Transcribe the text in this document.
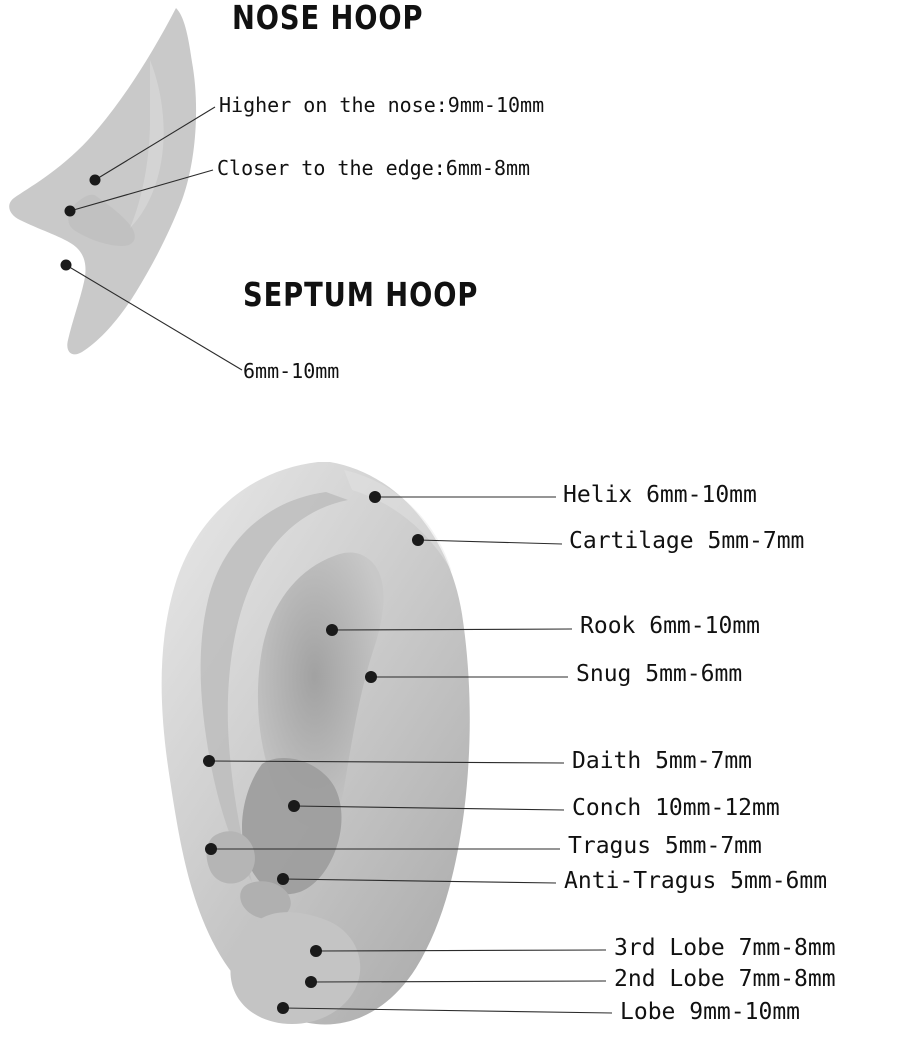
NOSE HOOP
SEPTUM HOOP
Higher on the nose:9mm-10mm
Closer to the edge:6mm-8mm
6mm-10mm
Helix 6mm-10mm
Cartilage 5mm-7mm
Rook 6mm-10mm
Snug 5mm-6mm
Daith 5mm-7mm
Conch 10mm-12mm
Tragus 5mm-7mm
Anti-Tragus 5mm-6mm
3rd Lobe 7mm-8mm
2nd Lobe 7mm-8mm
Lobe 9mm-10mm
